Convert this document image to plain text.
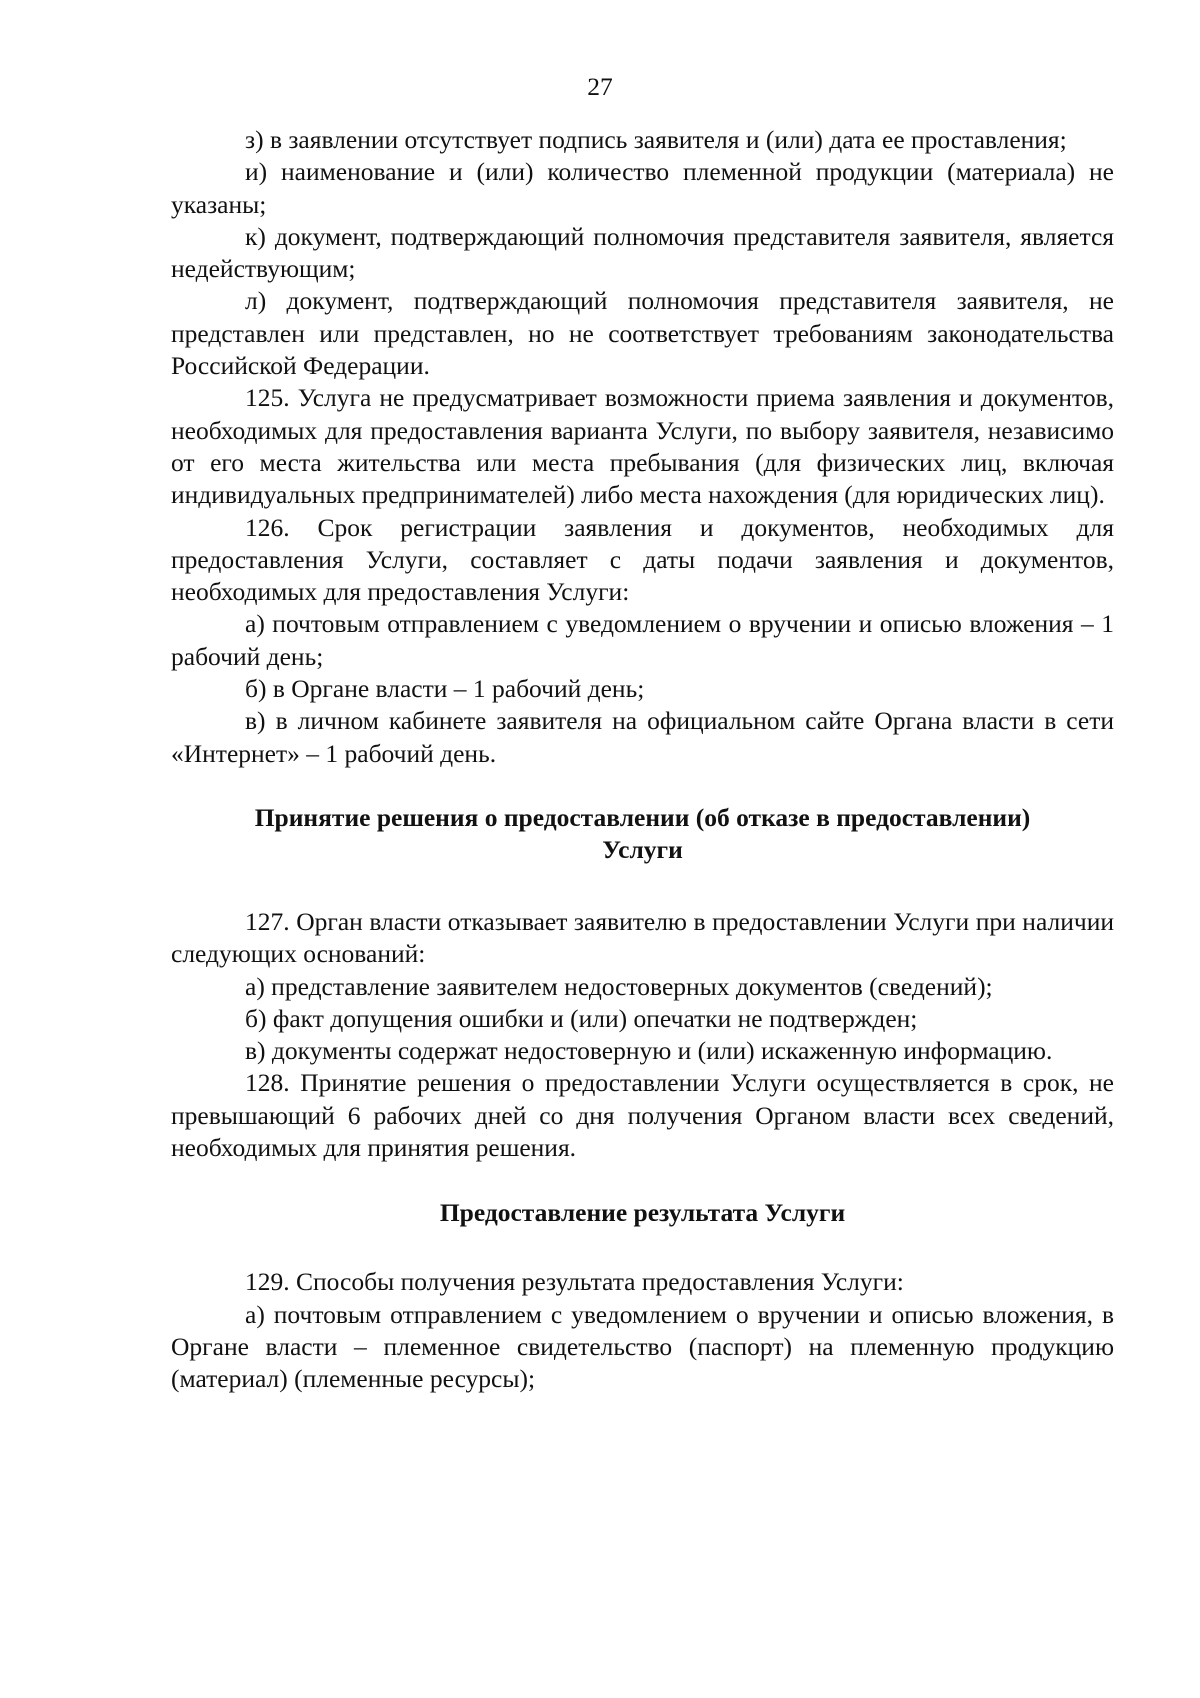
27

з) в заявлении отсутствует подпись заявителя и (или) дата ее проставления;

и) наименование и (или) количество племенной продукции (материала) не указаны;

к) документ, подтверждающий полномочия представителя заявителя, является недействующим;

л) документ, подтверждающий полномочия представителя заявителя, не представлен или представлен, но не соответствует требованиям законодательства Российской Федерации.

125. Услуга не предусматривает возможности приема заявления и документов, необходимых для предоставления варианта Услуги, по выбору заявителя, независимо от его места жительства или места пребывания (для физических лиц, включая индивидуальных предпринимателей) либо места нахождения (для юридических лиц).

126. Срок регистрации заявления и документов, необходимых для предоставления Услуги, составляет с даты подачи заявления и документов, необходимых для предоставления Услуги:

а) почтовым отправлением с уведомлением о вручении и описью вложения – 1 рабочий день;

б) в Органе власти – 1 рабочий день;

в) в личном кабинете заявителя на официальном сайте Органа власти в сети «Интернет» – 1 рабочий день.

Принятие решения о предоставлении (об отказе в предоставлении)
Услуги

127. Орган власти отказывает заявителю в предоставлении Услуги при наличии следующих оснований:

а) представление заявителем недостоверных документов (сведений);

б) факт допущения ошибки и (или) опечатки не подтвержден;

в) документы содержат недостоверную и (или) искаженную информацию.

128. Принятие решения о предоставлении Услуги осуществляется в срок, не превышающий 6 рабочих дней со дня получения Органом власти всех сведений, необходимых для принятия решения.

Предоставление результата Услуги

129. Способы получения результата предоставления Услуги:

а) почтовым отправлением с уведомлением о вручении и описью вложения, в Органе власти – племенное свидетельство (паспорт) на племенную продукцию (материал) (племенные ресурсы);
